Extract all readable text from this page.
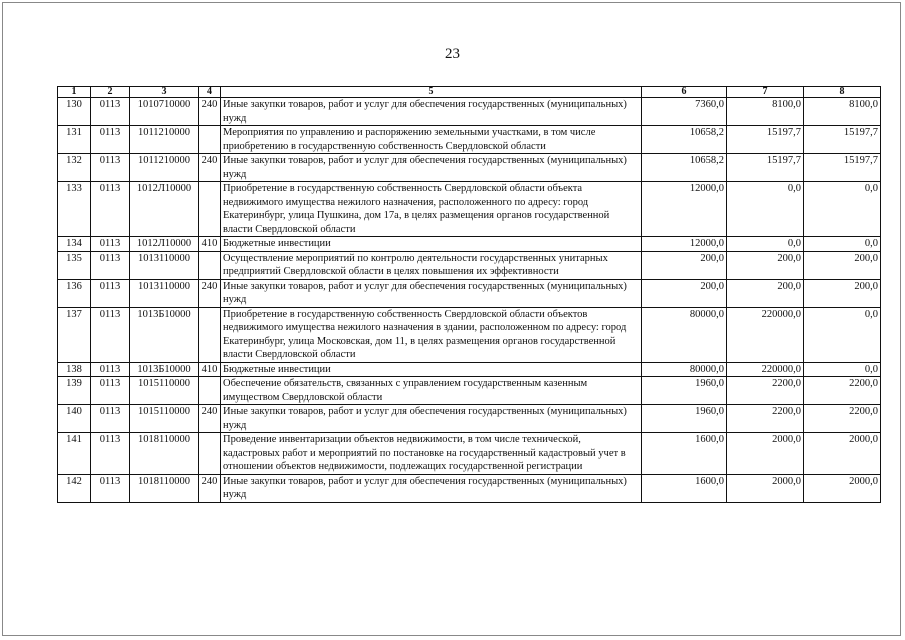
23
1	2	3	4	5	6	7	8
130	0113	1010710000	240	Иные закупки товаров, работ и услуг для обеспечения государственных (муниципальных) нужд	7360,0	8100,0	8100,0
131	0113	1011210000		Мероприятия по управлению и распоряжению земельными участками, в том числе приобретению в государственную собственность Свердловской области	10658,2	15197,7	15197,7
132	0113	1011210000	240	Иные закупки товаров, работ и услуг для обеспечения государственных (муниципальных) нужд	10658,2	15197,7	15197,7
133	0113	1012Л10000		Приобретение в государственную собственность Свердловской области объекта недвижимого имущества нежилого назначения, расположенного по адресу: город Екатеринбург, улица Пушкина, дом 17а, в целях размещения органов государственной власти Свердловской области	12000,0	0,0	0,0
134	0113	1012Л10000	410	Бюджетные инвестиции	12000,0	0,0	0,0
135	0113	1013110000		Осуществление мероприятий по контролю деятельности государственных унитарных предприятий Свердловской области в целях повышения их эффективности	200,0	200,0	200,0
136	0113	1013110000	240	Иные закупки товаров, работ и услуг для обеспечения государственных (муниципальных) нужд	200,0	200,0	200,0
137	0113	1013Б10000		Приобретение в государственную собственность Свердловской области объектов недвижимого имущества нежилого назначения в здании, расположенном по адресу: город Екатеринбург, улица Московская, дом 11, в целях размещения органов государственной власти Свердловской области	80000,0	220000,0	0,0
138	0113	1013Б10000	410	Бюджетные инвестиции	80000,0	220000,0	0,0
139	0113	1015110000		Обеспечение обязательств, связанных с управлением государственным казенным имуществом Свердловской области	1960,0	2200,0	2200,0
140	0113	1015110000	240	Иные закупки товаров, работ и услуг для обеспечения государственных (муниципальных) нужд	1960,0	2200,0	2200,0
141	0113	1018110000		Проведение инвентаризации объектов недвижимости, в том числе технической, кадастровых работ и мероприятий по постановке на государственный кадастровый учет в отношении объектов недвижимости, подлежащих государственной регистрации	1600,0	2000,0	2000,0
142	0113	1018110000	240	Иные закупки товаров, работ и услуг для обеспечения государственных (муниципальных) нужд	1600,0	2000,0	2000,0
